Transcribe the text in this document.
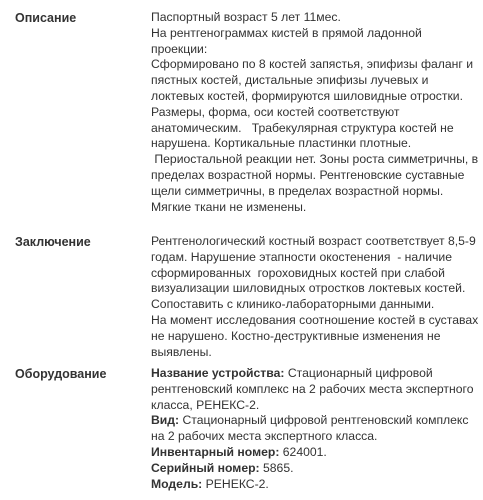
Описание	Паспортный возраст 5 лет 11мес.
На рентгенограммах кистей в прямой ладонной
проекции:
Сформировано по 8 костей запястья, эпифизы фаланг и
пястных костей, дистальные эпифизы лучевых и
локтевых костей, формируются шиловидные отростки.
Размеры, форма, оси костей соответствуют
анатомическим.   Трабекулярная структура костей не
нарушена. Кортикальные пластинки плотные.
Периостальной реакции нет. Зоны роста симметричны, в
пределах возрастной нормы. Рентгеновские суставные
щели симметричны, в пределах возрастной нормы.
Мягкие ткани не изменены.
Заключение	Рентгенологический костный возраст соответствует 8,5-9
годам. Нарушение этапности окостенения  - наличие
сформированных  гороховидных костей при слабой
визуализации шиловидных отростков локтевых костей.
Сопоставить с клинико-лабораторными данными.
На момент исследования соотношение костей в суставах
не нарушено. Костно-деструктивные изменения не
выявлены.
Оборудование	Название устройства: Стационарный цифровой
рентгеновский комплекс на 2 рабочих места экспертного
класса, РЕНЕКС-2.
Вид: Стационарный цифровой рентгеновский комплекс
на 2 рабочих места экспертного класса.
Инвентарный номер: 624001.
Серийный номер: 5865.
Модель: РЕНЕКС-2.
